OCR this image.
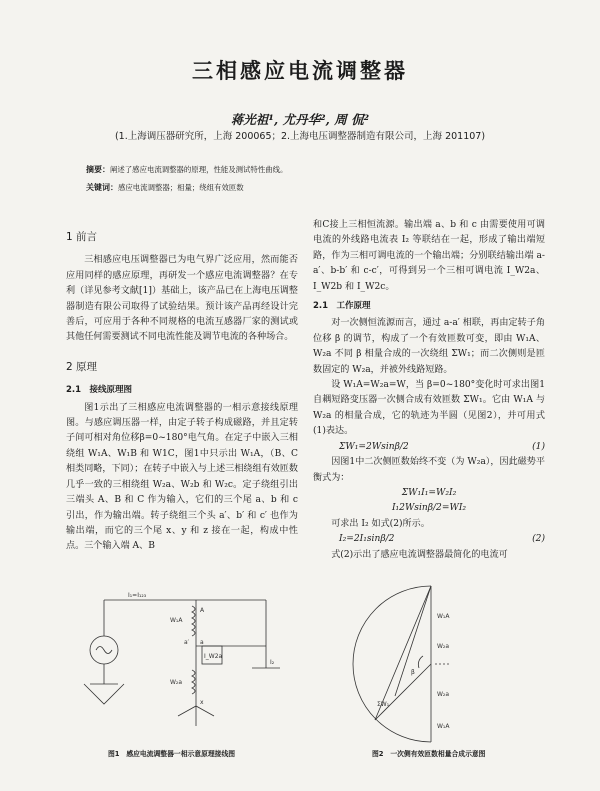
三相感应电流调整器
蒋光祖¹, 尤丹华², 周 侃²
(1.上海调压器研究所，上海 200065；2.上海电压调整器制造有限公司，上海 201107)
摘要：阐述了感应电流调整器的原理，性能及测试特性曲线。
关键词：感应电流调整器；相量；绕组有效匝数
1 前言

三相感应电压调整器已为电气界广泛应用，然而能否应用同样的感应原理，再研发一个感应电流调整器？在专利（详见参考文献[1]）基础上，该产品已在上海电压调整器制造有限公司取得了试验结果。预计该产品再经设计完善后，可应用于各种不同规格的电流互感器厂家的测试或其他任何需要测试不同电流性能及调节电流的各种场合。

2 原理
2.1　接线原理图

图1示出了三相感应电流调整器的一相示意接线原理图。与感应调压器一样，由定子转子构成磁路，并且定转子间可相对角位移β=0~180°电气角。在定子中嵌入三相绕组 W₁A、W₁B 和 W1C，图1中只示出 W₁A，（B、C相类同略，下同）；在转子中嵌入与上述三相绕组有效匝数几乎一致的三相绕组 W₂a、W₂b 和 W₂c。定子绕组引出三端头 A、B 和 C 作为输入，它们的三个尾 a、b 和 c 引出，作为输出端。转子绕组三个头 a′、b′ 和 c′ 也作为输出端，而它的三个尾 x、y 和 z 接在一起，构成中性点。三个输入端 A、B

和C接上三相恒流源。输出端 a、b 和 c 由需要使用可调电流的外线路电流表 I₂ 等联结在一起，形成了输出端短路，作为三相可调电流的一个输出端；分别联结输出端 a-a′、b-b′ 和 c-c′，可得到另一个三相可调电流 I_W2a、I_W2b 和 I_W2c。

2.1　工作原理

对一次侧恒流源而言，通过 a-a′ 相联，再由定转子角位移 β 的调节，构成了一个有效匝数可变，即由 W₁A、W₂a 不同 β 相量合成的一次绕组 ΣW₁；而二次侧则是匝数固定的 W₂a，并被外线路短路。

设 W₁A=W₂a=W，当 β=0~180°变化时可求出图1自耦短路变压器一次侧合成有效匝数 ΣW₁。它由 W₁A 与 W₂a 的相量合成，它的轨迹为半圆（见图2），并可用式(1)表达。

ΣW₁=2Wsinβ/2	(1)

因图1中二次侧匝数始终不变（为 W₂a），因此磁势平衡式为：

ΣW₁I₁=W₂I₂
I₁2Wsinβ/2=WI₂

可求出 I₂ 如式(2)所示。

I₂=2I₁sinβ/2	(2)

式(2)示出了感应电流调整器最简化的电流可

I₁=I₁₂₃
A
a′ a
I_W2a
I₂
x
W₁A
W₂a
W₁A
W₂a
β
ΣW₁
W₂a
W₁A
图1　感应电流调整器一相示意原理接线图	图2　一次侧有效匝数相量合成示意图
